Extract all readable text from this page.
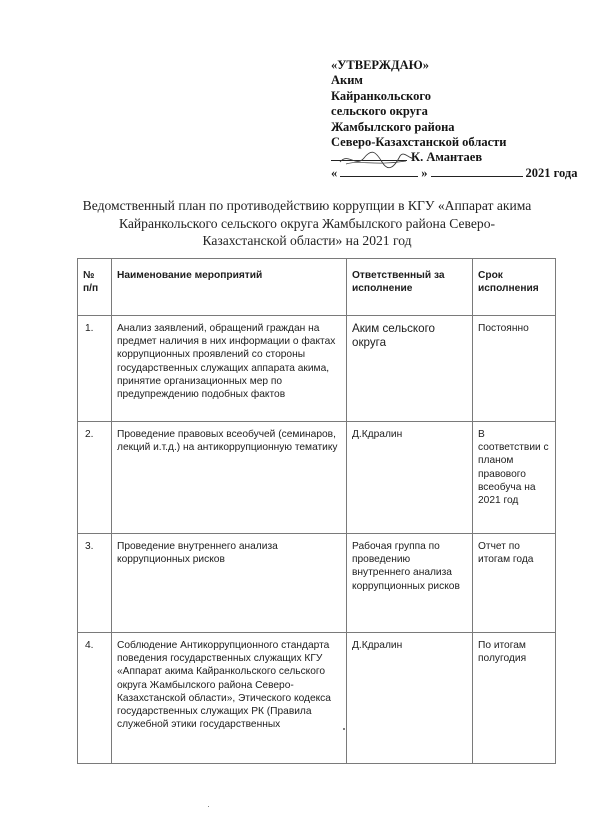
«УТВЕРЖДАЮ»
Аким
Кайранкольского
сельского округа
Жамбылского района
Северо-Казахстанской области
К. Амантаев
«	»	2021 года
Ведомственный план по противодействию коррупции в КГУ «Аппарат акима Кайранкольского сельского округа Жамбылского района Северо-Казахстанской области» на 2021 год
№ п/п	Наименование мероприятий	Ответственный за исполнение	Срок исполнения
1.	Анализ заявлений, обращений граждан на предмет наличия в них информации о фактах коррупционных проявлений со стороны государственных служащих аппарата акима, принятие организационных мер по предупреждению подобных фактов	Аким сельского округа	Постоянно
2.	Проведение правовых всеобучей (семинаров, лекций и.т.д.) на антикоррупционную тематику	Д.Кдралин	В соответствии с планом правового всеобуча на 2021 год
3.	Проведение внутреннего анализа коррупционных рисков	Рабочая группа по проведению внутреннего анализа коррупционных рисков	Отчет по итогам года
4.	Соблюдение Антикоррупционного стандарта поведения государственных служащих КГУ «Аппарат акима Кайранкольского сельского округа Жамбылского района Северо-Казахстанской области», Этического кодекса государственных служащих РК (Правила служебной этики государственных	Д.Кдралин	По итогам полугодия
